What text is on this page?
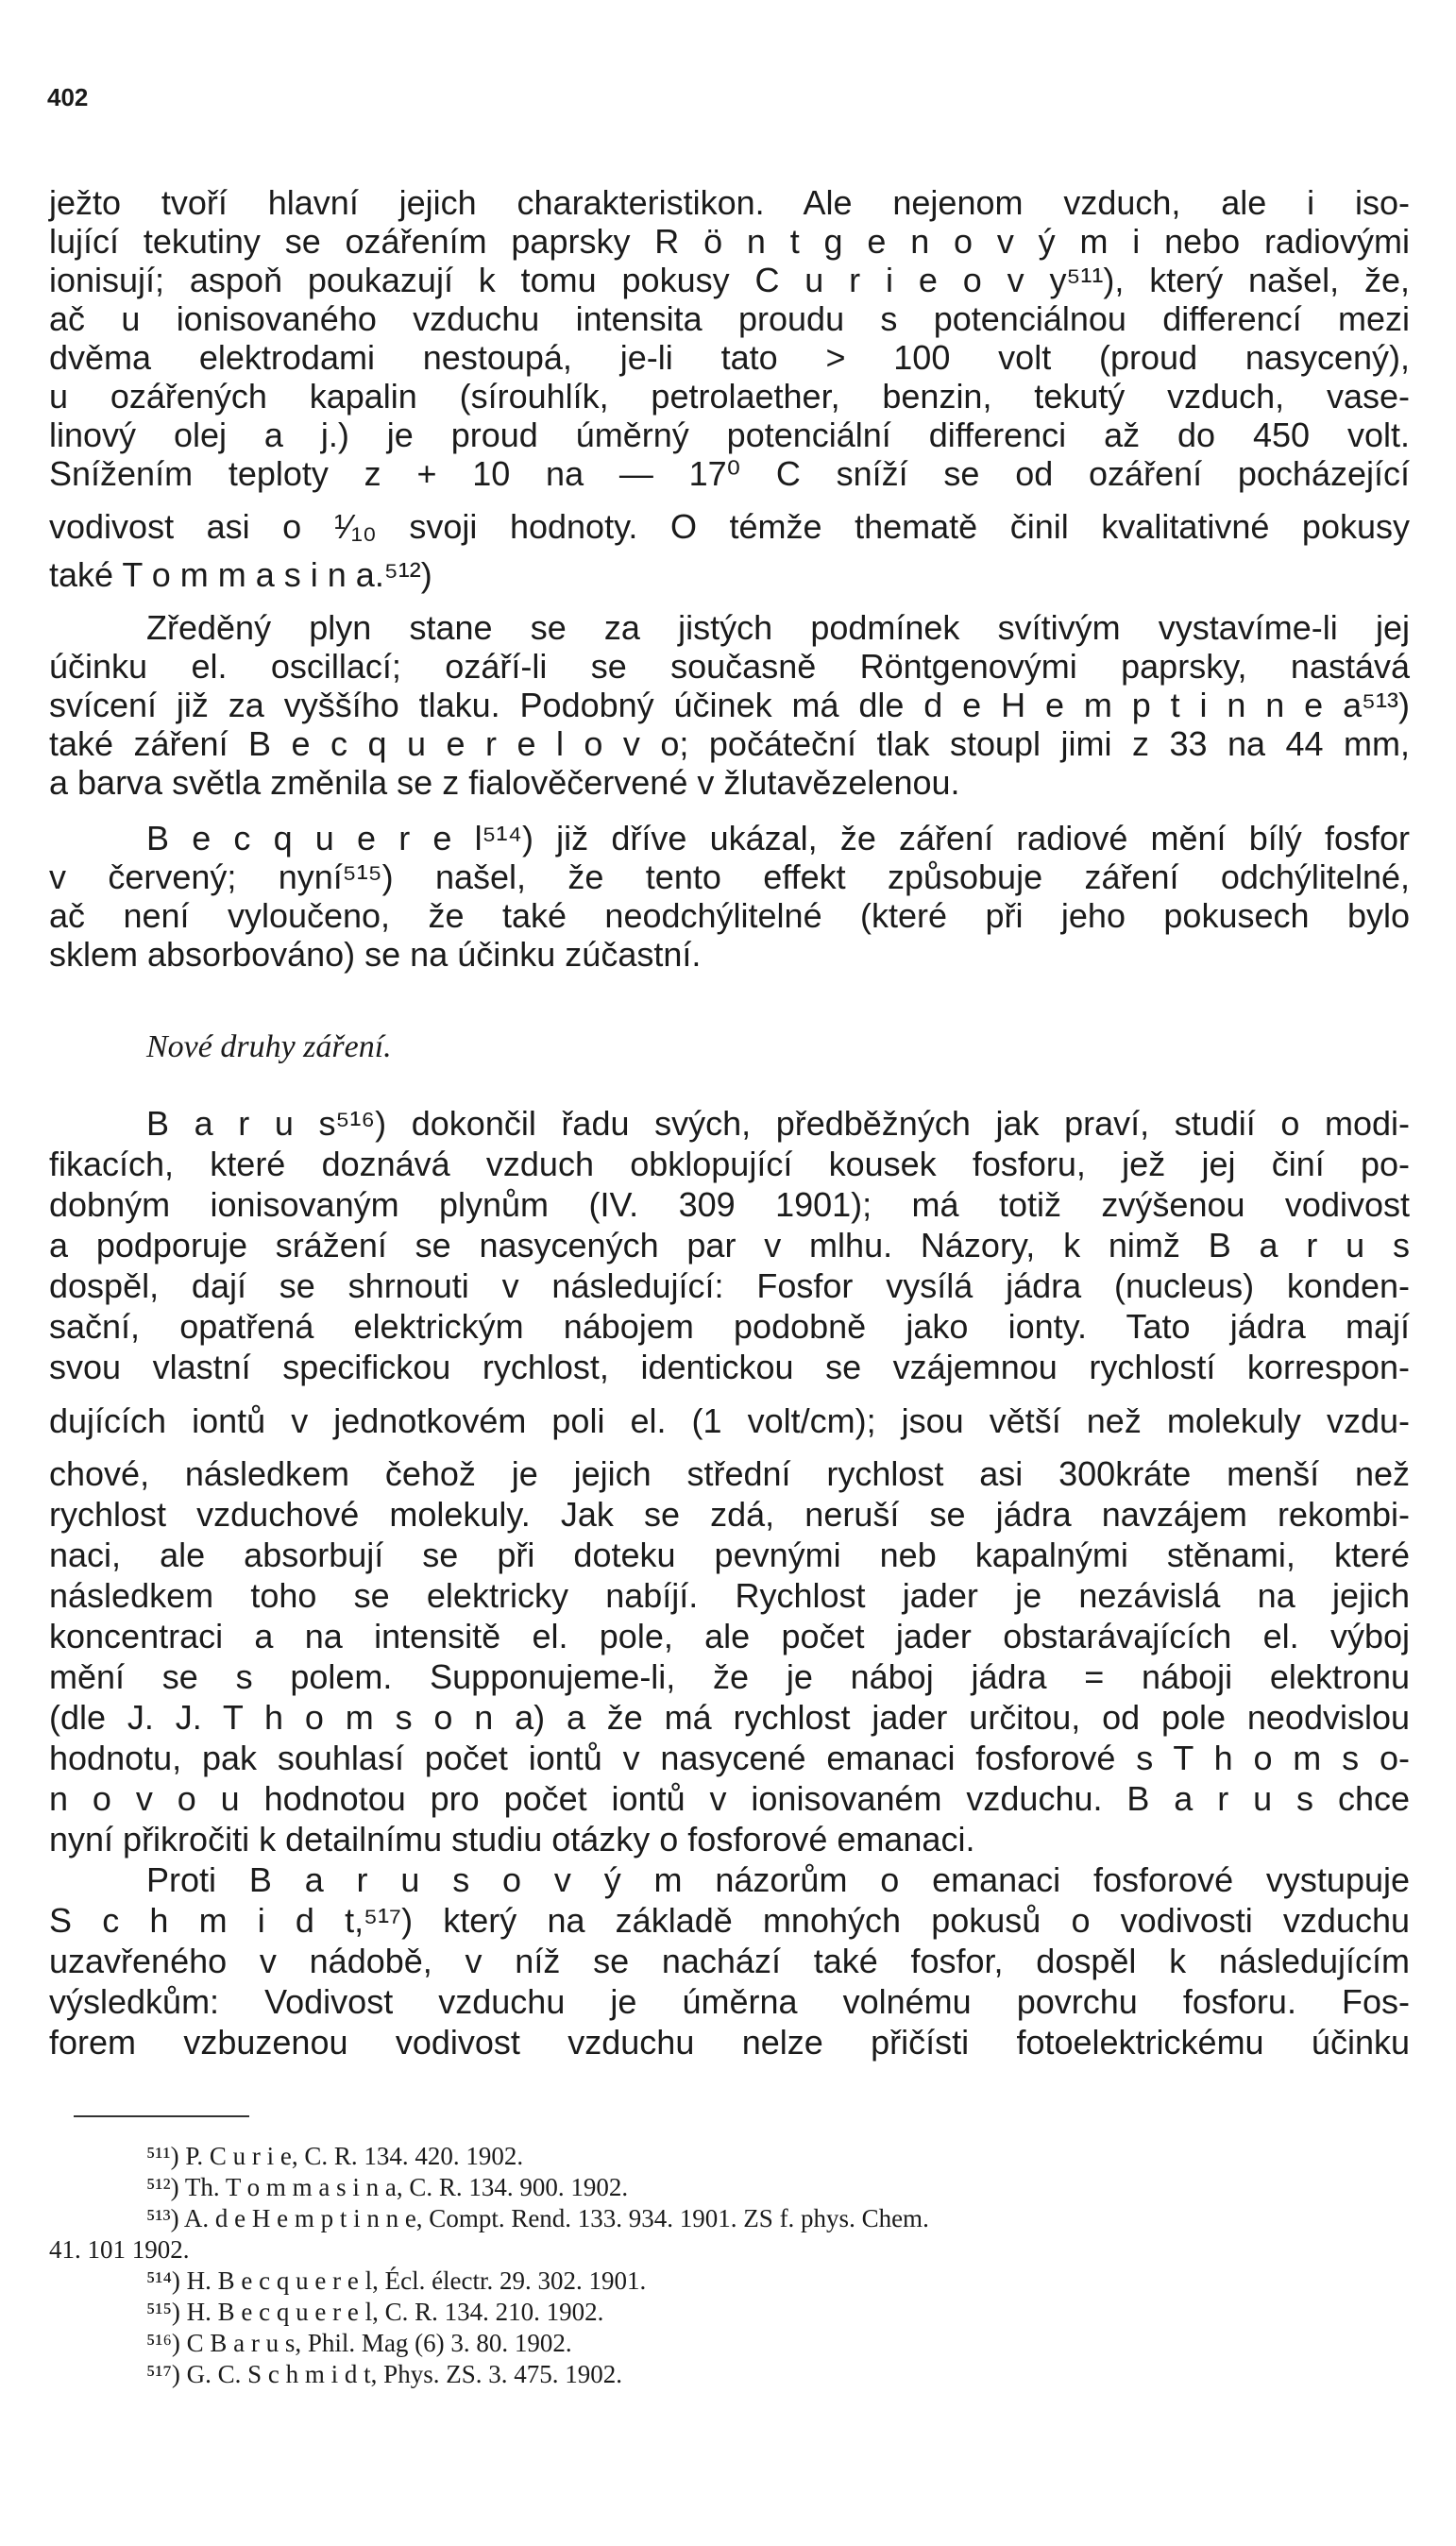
402
ježto tvoří hlavní jejich charakteristikon. Ale nejenom vzduch, ale i iso-
lující tekutiny se ozářením paprsky R ö n t g e n o v ý m i nebo radiovými
ionisují; aspoň poukazují k tomu pokusy C u r i e o v y⁵¹¹), který našel, že,
ač u ionisovaného vzduchu intensita proudu s potenciálnou differencí mezi
dvěma elektrodami nestoupá, je-li tato > 100 volt (proud nasycený),
u ozářených kapalin (sírouhlík, petrolaether, benzin, tekutý vzduch, vase-
linový olej a j.) je proud úměrný potenciální differenci až do 450 volt.
Snížením teploty z + 10 na — 17⁰ C sníží se od ozáření pocházející
vodivost asi o ¹⁄₁₀ svoji hodnoty. O témže thematě činil kvalitativné pokusy
také T o m m a s i n a.⁵¹²)
Zředěný plyn stane se za jistých podmínek svítivým vystavíme-li jej
účinku el. oscillací; ozáří-li se současně Röntgenovými paprsky, nastává
svícení již za vyššího tlaku. Podobný účinek má dle d e H e m p t i n n e a⁵¹³)
také záření B e c q u e r e l o v o; počáteční tlak stoupl jimi z 33 na 44 mm,
a barva světla změnila se z fialověčervené v žlutavězelenou.
B e c q u e r e l⁵¹⁴) již dříve ukázal, že záření radiové mění bílý fosfor
v červený; nyní⁵¹⁵) našel, že tento effekt způsobuje záření odchýlitelné,
ač není vyloučeno, že také neodchýlitelné (které při jeho pokusech bylo
sklem absorbováno) se na účinku zúčastní.
Nové druhy záření.
B a r u s⁵¹⁶) dokončil řadu svých, předběžných jak praví, studií o modi-
fikacích, které doznává vzduch obklopující kousek fosforu, jež jej činí po-
dobným ionisovaným plynům (IV. 309 1901); má totiž zvýšenou vodivost
a podporuje srážení se nasycených par v mlhu. Názory, k nimž B a r u s
dospěl, dají se shrnouti v následující: Fosfor vysílá jádra (nucleus) konden-
sační, opatřená elektrickým nábojem podobně jako ionty. Tato jádra mají
svou vlastní specifickou rychlost, identickou se vzájemnou rychlostí korrespon-
dujících iontů v jednotkovém poli el. (1 volt/cm); jsou větší než molekuly vzdu-
chové, následkem čehož je jejich střední rychlost asi 300kráte menší než
rychlost vzduchové molekuly. Jak se zdá, neruší se jádra navzájem rekombi-
naci, ale absorbují se při doteku pevnými neb kapalnými stěnami, které
následkem toho se elektricky nabíjí. Rychlost jader je nezávislá na jejich
koncentraci a na intensitě el. pole, ale počet jader obstarávajících el. výboj
mění se s polem. Supponujeme-li, že je náboj jádra = náboji elektronu
(dle J. J. T h o m s o n a) a že má rychlost jader určitou, od pole neodvislou
hodnotu, pak souhlasí počet iontů v nasycené emanaci fosforové s T h o m s o-
n o v o u hodnotou pro počet iontů v ionisovaném vzduchu. B a r u s chce
nyní přikročiti k detailnímu studiu otázky o fosforové emanaci.
Proti B a r u s o v ý m názorům o emanaci fosforové vystupuje
S c h m i d t,⁵¹⁷) který na základě mnohých pokusů o vodivosti vzduchu
uzavřeného v nádobě, v níž se nachází také fosfor, dospěl k následujícím
výsledkům: Vodivost vzduchu je úměrna volnému povrchu fosforu. Fos-
forem vzbuzenou vodivost vzduchu nelze přičísti fotoelektrickému účinku
⁵¹¹) P. C u r i e, C. R. 134. 420. 1902.
⁵¹²) Th. T o m m a s i n a, C. R. 134. 900. 1902.
⁵¹³) A. d e H e m p t i n n e, Compt. Rend. 133. 934. 1901. ZS f. phys. Chem.
41. 101 1902.
⁵¹⁴) H. B e c q u e r e l, Écl. électr. 29. 302. 1901.
⁵¹⁵) H. B e c q u e r e l, C. R. 134. 210. 1902.
⁵¹⁶) C B a r u s, Phil. Mag (6) 3. 80. 1902.
⁵¹⁷) G. C. S c h m i d t, Phys. ZS. 3. 475. 1902.
